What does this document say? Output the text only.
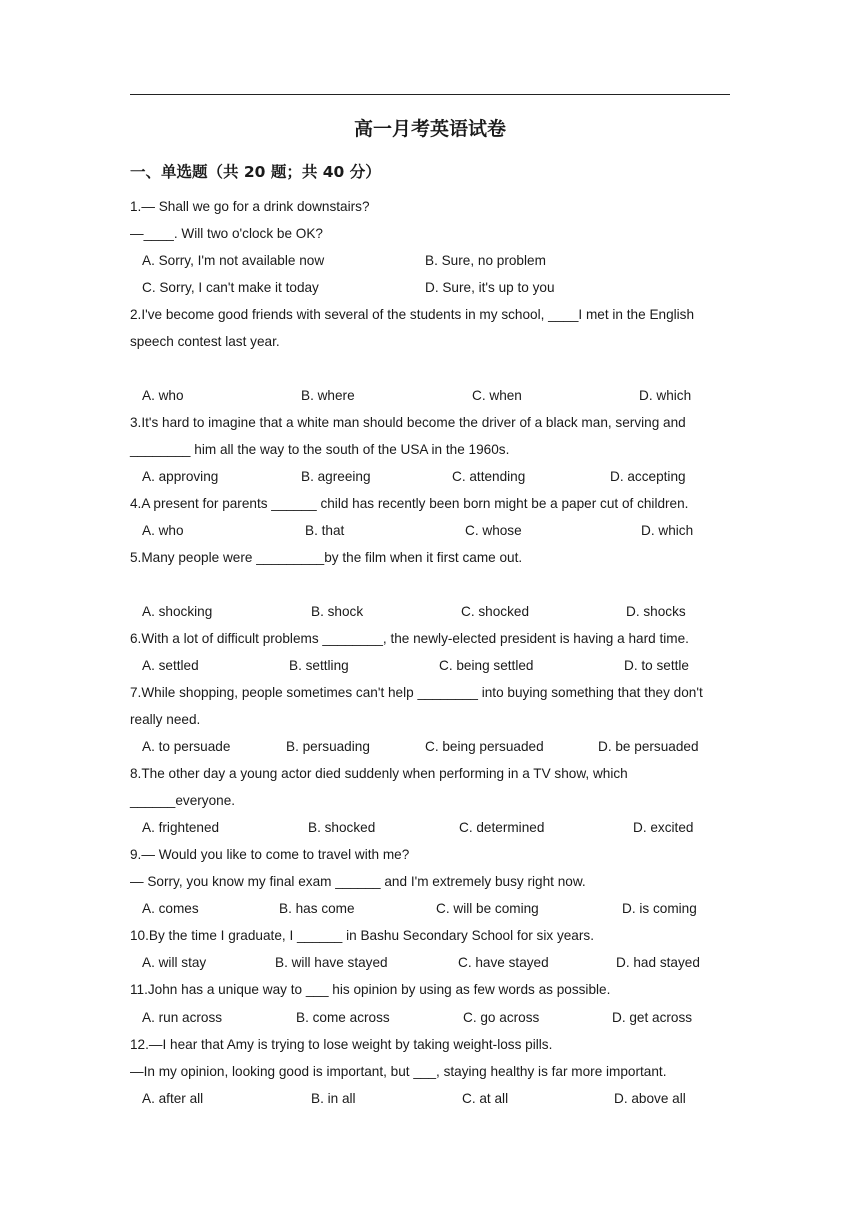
高一月考英语试卷
一、单选题（共 20 题；共 40 分）
1.— Shall we go for a drink downstairs?
—____. Will two o'clock be OK?
A. Sorry, I'm not available now	B. Sure, no problem
C. Sorry, I can't make it today	D. Sure, it's up to you
2.I've become good friends with several of the students in my school, ____I met in the English
speech contest last year.
A. who	B. where	C. when	D. which
3.It's hard to imagine that a white man should become the driver of a black man, serving and
________ him all the way to the south of the USA in the 1960s.
A. approving	B. agreeing	C. attending	D. accepting
4.A present for parents ______ child has recently been born might be a paper cut of children.
A. who	B. that	C. whose	D. which
5.Many people were _________by the film when it first came out.
A. shocking	B. shock	C. shocked	D. shocks
6.With a lot of difficult problems ________, the newly-elected president is having a hard time.
A. settled	B. settling	C. being settled	D. to settle
7.While shopping, people sometimes can't help ________ into buying something that they don't
really need.
A. to persuade	B. persuading	C. being persuaded	D. be persuaded
8.The other day a young actor died suddenly when performing in a TV show, which
______everyone.
A. frightened	B. shocked	C. determined	D. excited
9.— Would you like to come to travel with me?
— Sorry, you know my final exam ______ and I'm extremely busy right now.
A. comes	B. has come	C. will be coming	D. is coming
10.By the time I graduate, I ______ in Bashu Secondary School for six years.
A. will stay	B. will have stayed	C. have stayed	D. had stayed
11.John has a unique way to ___ his opinion by using as few words as possible.
A. run across	B. come across	C. go across	D. get across
12.—I hear that Amy is trying to lose weight by taking weight-loss pills.
—In my opinion, looking good is important, but ___, staying healthy is far more important.
A. after all	B. in all	C. at all	D. above all
